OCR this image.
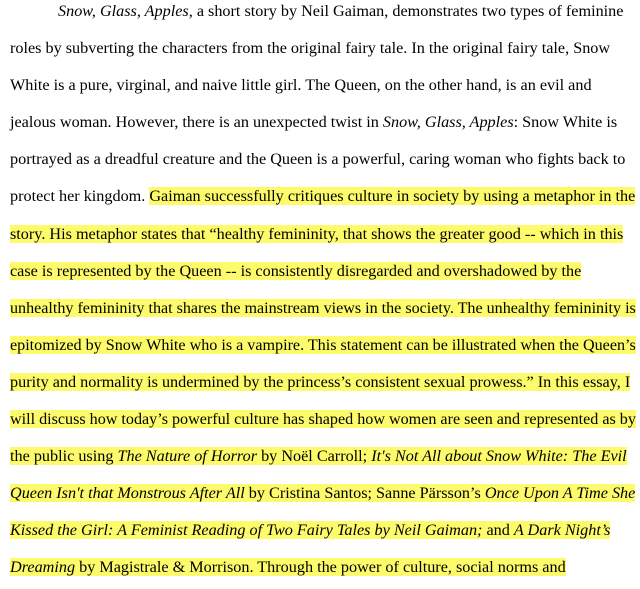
Snow, Glass, Apples, a short story by Neil Gaiman, demonstrates two types of feminine
roles by subverting the characters from the original fairy tale. In the original fairy tale, Snow
White is a pure, virginal, and naive little girl. The Queen, on the other hand, is an evil and
jealous woman. However, there is an unexpected twist in Snow, Glass, Apples: Snow White is
portrayed as a dreadful creature and the Queen is a powerful, caring woman who fights back to
protect her kingdom. Gaiman successfully critiques culture in society by using a metaphor in the
story. His metaphor states that “healthy femininity, that shows the greater good -- which in this
case is represented by the Queen -- is consistently disregarded and overshadowed by the
unhealthy femininity that shares the mainstream views in the society. The unhealthy femininity is
epitomized by Snow White who is a vampire. This statement can be illustrated when the Queen’s
purity and normality is undermined by the princess’s consistent sexual prowess.” In this essay, I
will discuss how today’s powerful culture has shaped how women are seen and represented as by
the public using The Nature of Horror by Noël Carroll; It's Not All about Snow White: The Evil
Queen Isn't that Monstrous After All by Cristina Santos; Sanne Pärsson’s Once Upon A Time She
Kissed the Girl: A Feminist Reading of Two Fairy Tales by Neil Gaiman; and A Dark Night’s
Dreaming by Magistrale & Morrison. Through the power of culture, social norms and
